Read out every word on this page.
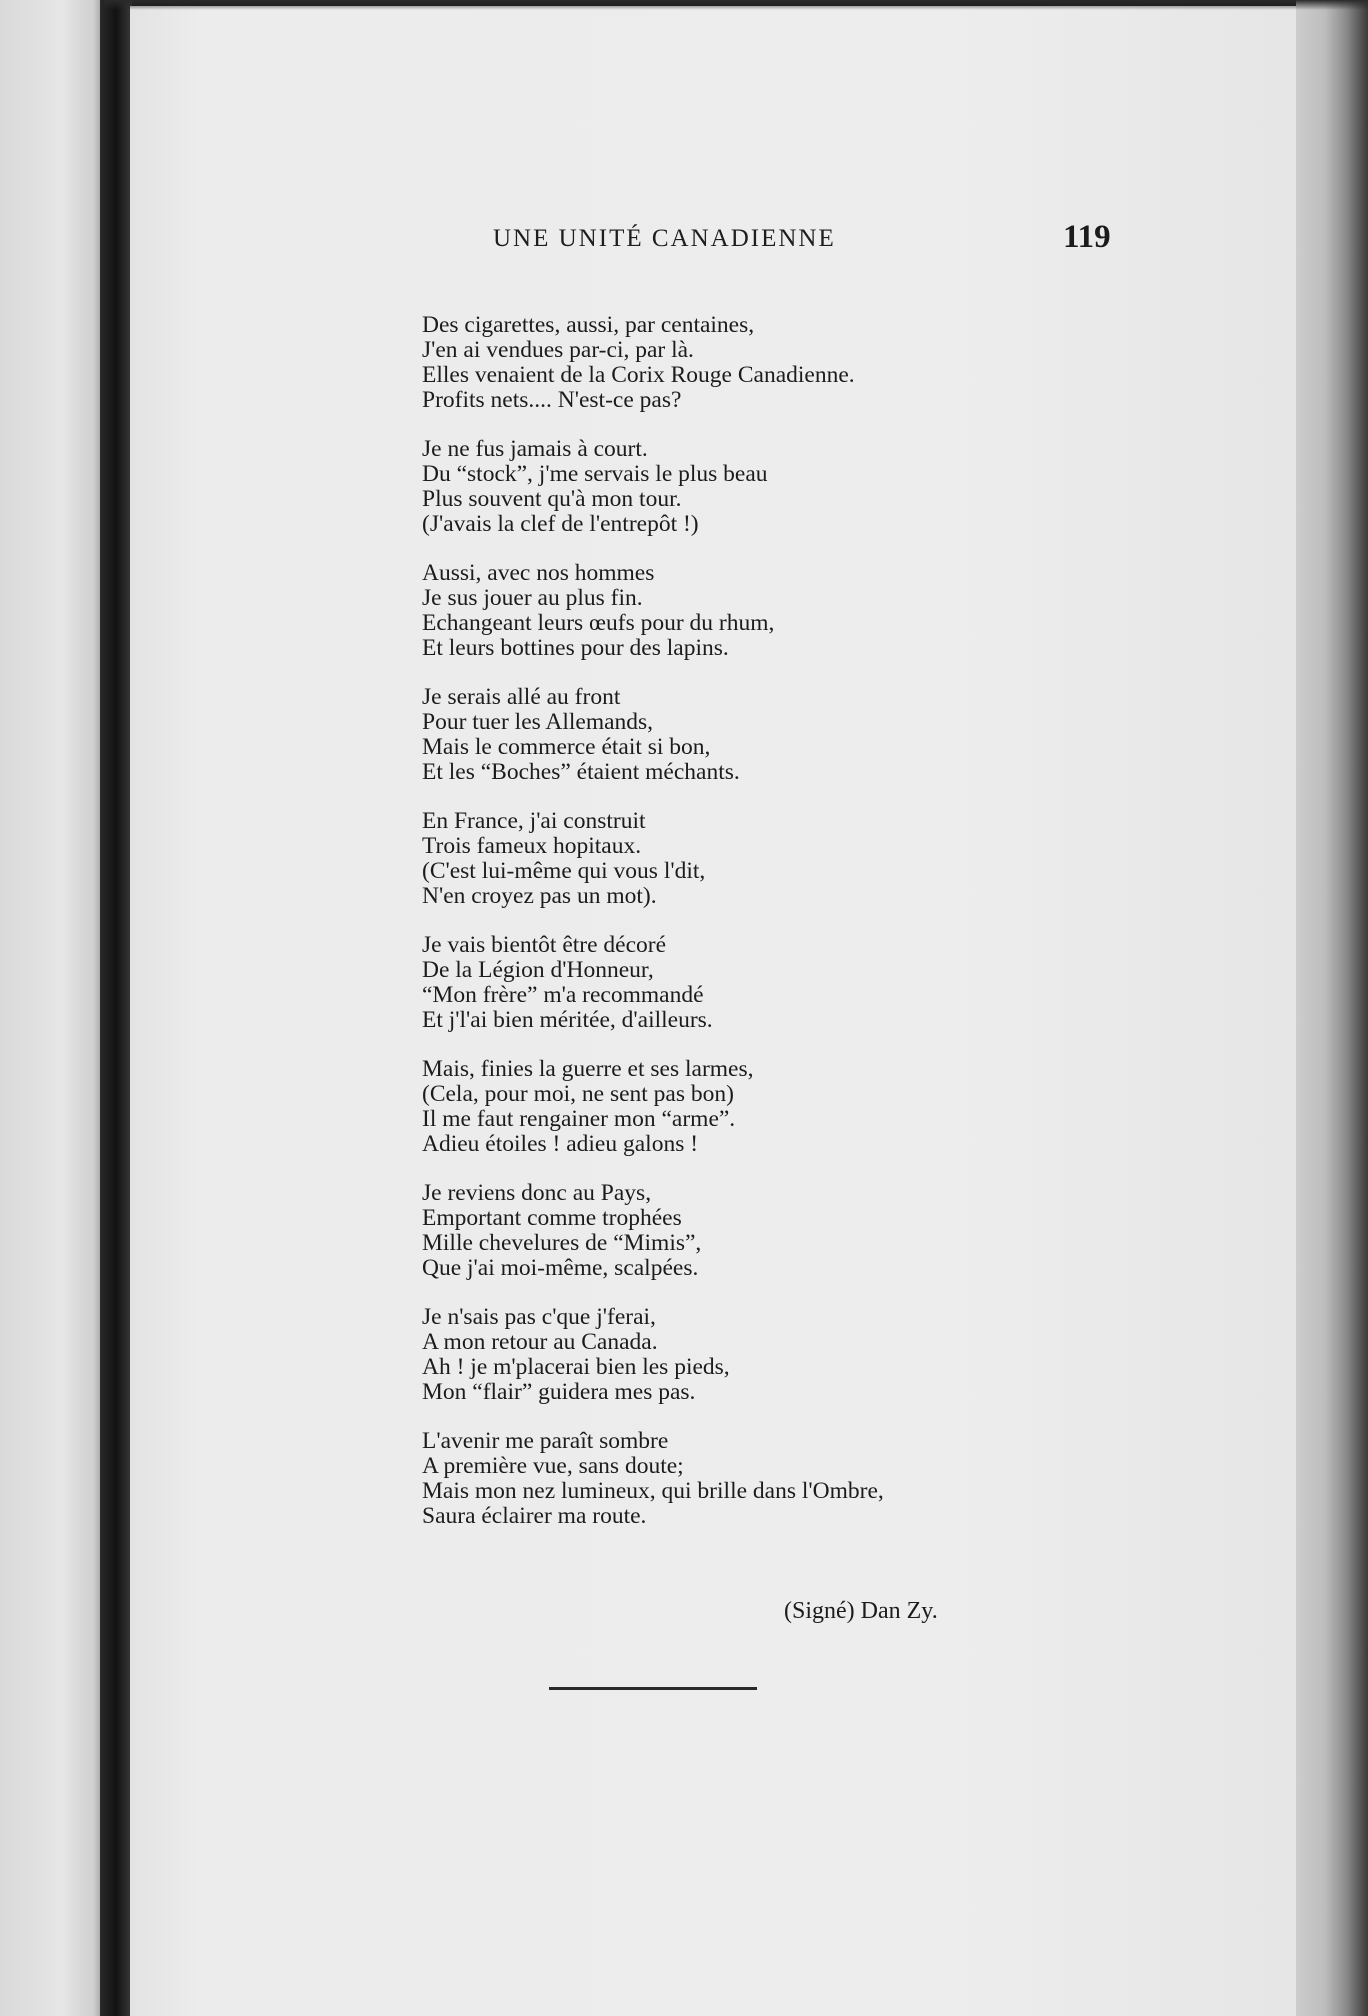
UNE UNITÉ CANADIENNE	119
Des cigarettes, aussi, par centaines,
J'en ai vendues par-ci, par là.
Elles venaient de la Corix Rouge Canadienne.
Profits nets.... N'est-ce pas?
Je ne fus jamais à court.
Du “stock”, j'me servais le plus beau
Plus souvent qu'à mon tour.
(J'avais la clef de l'entrepôt !)
Aussi, avec nos hommes
Je sus jouer au plus fin.
Echangeant leurs œufs pour du rhum,
Et leurs bottines pour des lapins.
Je serais allé au front
Pour tuer les Allemands,
Mais le commerce était si bon,
Et les “Boches” étaient méchants.
En France, j'ai construit
Trois fameux hopitaux.
(C'est lui-même qui vous l'dit,
N'en croyez pas un mot).
Je vais bientôt être décoré
De la Légion d'Honneur,
“Mon frère” m'a recommandé
Et j'l'ai bien méritée, d'ailleurs.
Mais, finies la guerre et ses larmes,
(Cela, pour moi, ne sent pas bon)
Il me faut rengainer mon “arme”.
Adieu étoiles ! adieu galons !
Je reviens donc au Pays,
Emportant comme trophées
Mille chevelures de “Mimis”,
Que j'ai moi-même, scalpées.
Je n'sais pas c'que j'ferai,
A mon retour au Canada.
Ah ! je m'placerai bien les pieds,
Mon “flair” guidera mes pas.
L'avenir me paraît sombre
A première vue, sans doute;
Mais mon nez lumineux, qui brille dans l'Ombre,
Saura éclairer ma route.
(Signé) Dan Zy.
